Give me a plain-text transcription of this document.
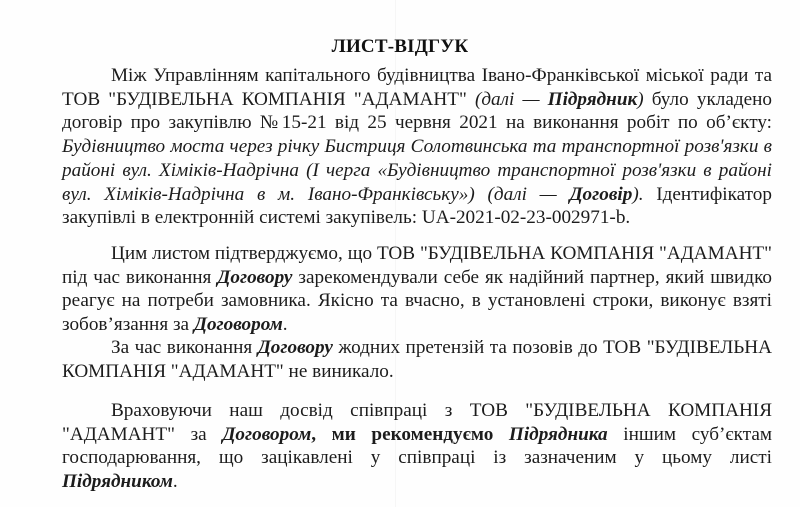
ЛИСТ-ВІДГУК

Між Управлінням капітального будівництва Івано-Франківської міської ради та ТОВ "БУДІВЕЛЬНА КОМПАНІЯ "АДАМАНТ" (далі — Підрядник) було укладено договір про закупівлю №15-21 від 25 червня 2021 на виконання робіт по об’єкту: Будівництво моста через річку Бистриця Солотвинська та транспортної розв'язки в районі вул. Хіміків-Надрічна (І черга «Будівництво транспортної розв'язки в районі вул. Хіміків-Надрічна в м. Івано-Франківську») (далі — Договір). Ідентифікатор закупівлі в електронній системі закупівель: UA-2021-02-23-002971-b.

Цим листом підтверджуємо, що ТОВ "БУДІВЕЛЬНА КОМПАНІЯ "АДАМАНТ" під час виконання Договору зарекомендували себе як надійний партнер, який швидко реагує на потреби замовника. Якісно та вчасно, в установлені строки, виконує взяті зобов’язання за Договором.

За час виконання Договору жодних претензій та позовів до ТОВ "БУДІВЕЛЬНА КОМПАНІЯ "АДАМАНТ" не виникало.

Враховуючи наш досвід співпраці з ТОВ "БУДІВЕЛЬНА КОМПАНІЯ "АДАМАНТ" за Договором, ми рекомендуємо Підрядника іншим суб’єктам господарювання, що зацікавлені у співпраці із зазначеним у цьому листі Підрядником.
